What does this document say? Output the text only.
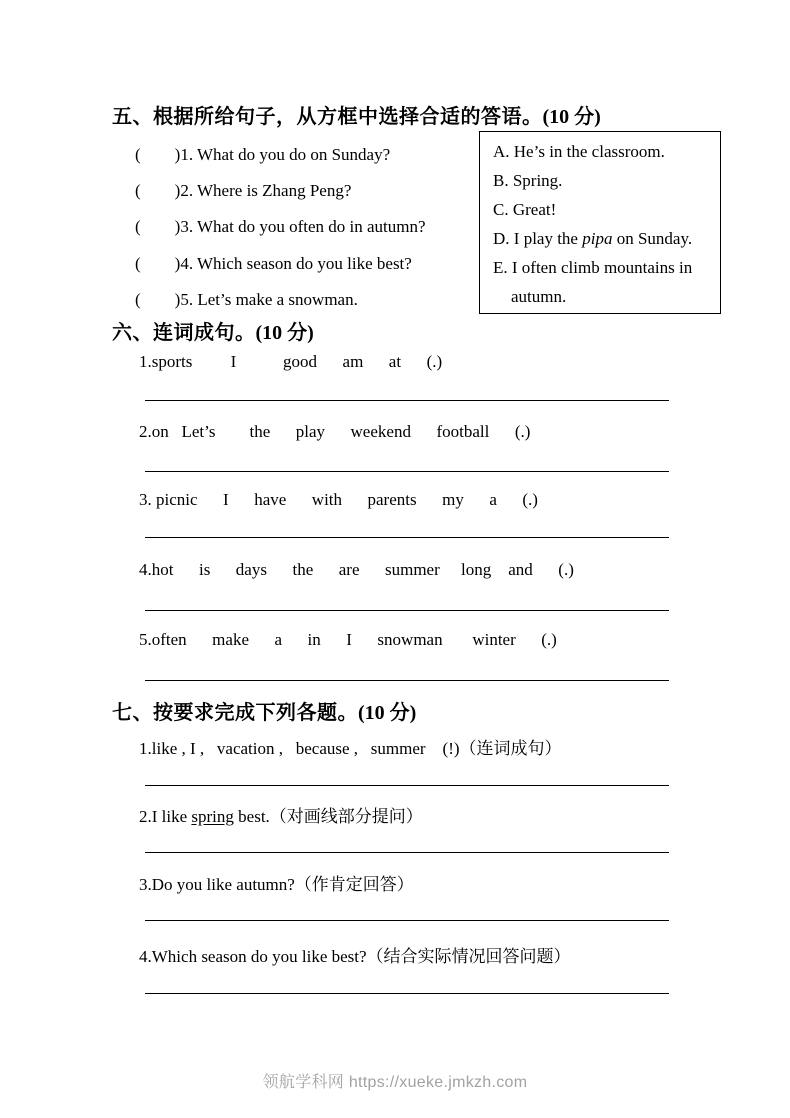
五、根据所给句子，从方框中选择合适的答语。(10 分)
(        )1. What do you do on Sunday?
(        )2. Where is Zhang Peng?
(        )3. What do you often do in autumn?
(        )4. Which season do you like best?
(        )5. Let’s make a snowman.
A. He’s in the classroom.
B. Spring.
C. Great!
D. I play the pipa on Sunday.
E. I often climb mountains in
autumn.
六、连词成句。(10 分)
1.sports         I           good      am      at      (.)
2.on   Let’s        the      play      weekend      football      (.)
3. picnic      I      have      with      parents      my      a      (.)
4.hot      is      days      the      are      summer     long    and      (.)
5.often      make      a      in      I      snowman       winter      (.)
七、按要求完成下列各题。(10 分)
1.like , I ,   vacation ,   because ,   summer    (!)（连词成句）
2.I like spring best.（对画线部分提问）
3.Do you like autumn?（作肯定回答）
4.Which season do you like best?（结合实际情况回答问题）
领航学科网 https://xueke.jmkzh.com
